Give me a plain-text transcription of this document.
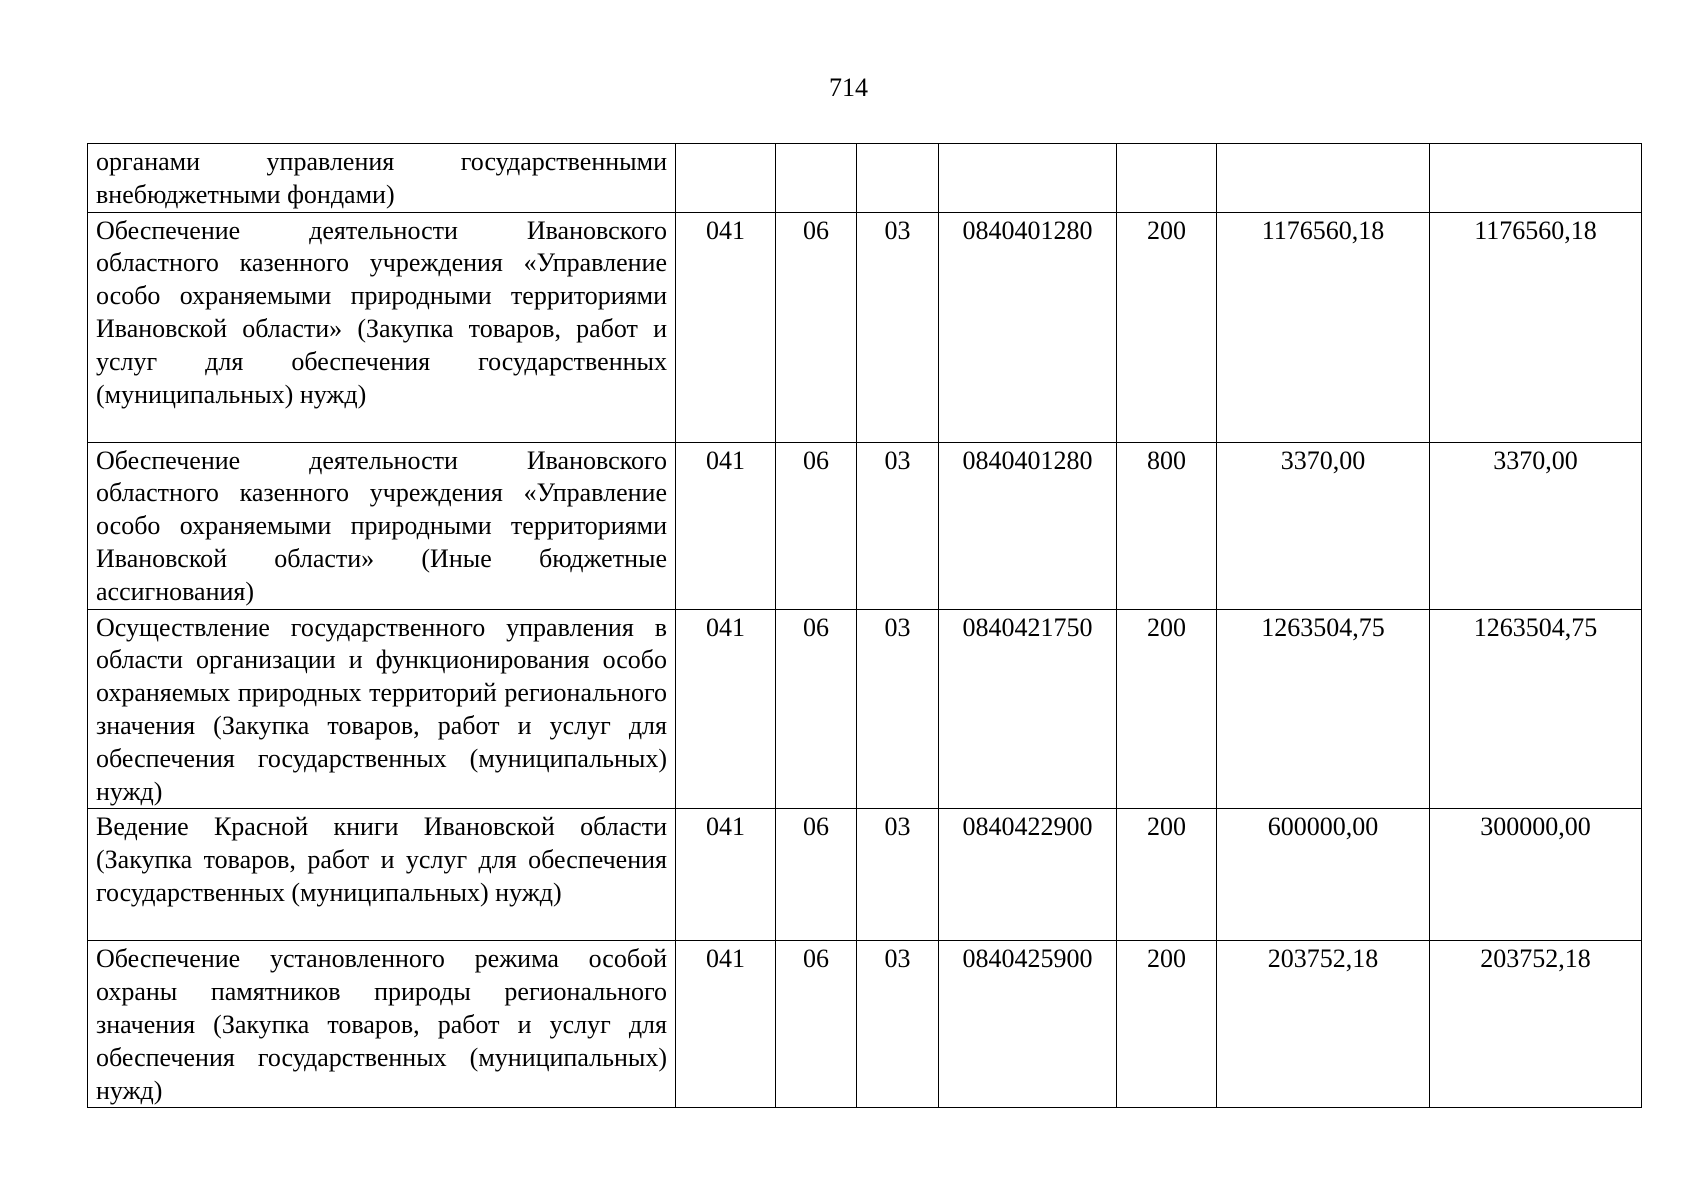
714
органами управления государственными внебюджетными фондами)							
Обеспечение деятельности Ивановского областного казенного учреждения «Управление особо охраняемыми природными территориями Ивановской области» (Закупка товаров, работ и услуг для обеспечения государственных (муниципальных) нужд)	041	06	03	0840401280	200	1176560,18	1176560,18
Обеспечение деятельности Ивановского областного казенного учреждения «Управление особо охраняемыми природными территориями Ивановской области» (Иные бюджетные ассигнования)	041	06	03	0840401280	800	3370,00	3370,00
Осуществление государственного управления в области организации и функционирования особо охраняемых природных территорий регионального значения (Закупка товаров, работ и услуг для обеспечения государственных (муниципальных) нужд)	041	06	03	0840421750	200	1263504,75	1263504,75
Ведение Красной книги Ивановской области (Закупка товаров, работ и услуг для обеспечения государственных (муниципальных) нужд)	041	06	03	0840422900	200	600000,00	300000,00
Обеспечение установленного режима особой охраны памятников природы регионального значения (Закупка товаров, работ и услуг для обеспечения государственных (муниципальных) нужд)	041	06	03	0840425900	200	203752,18	203752,18
